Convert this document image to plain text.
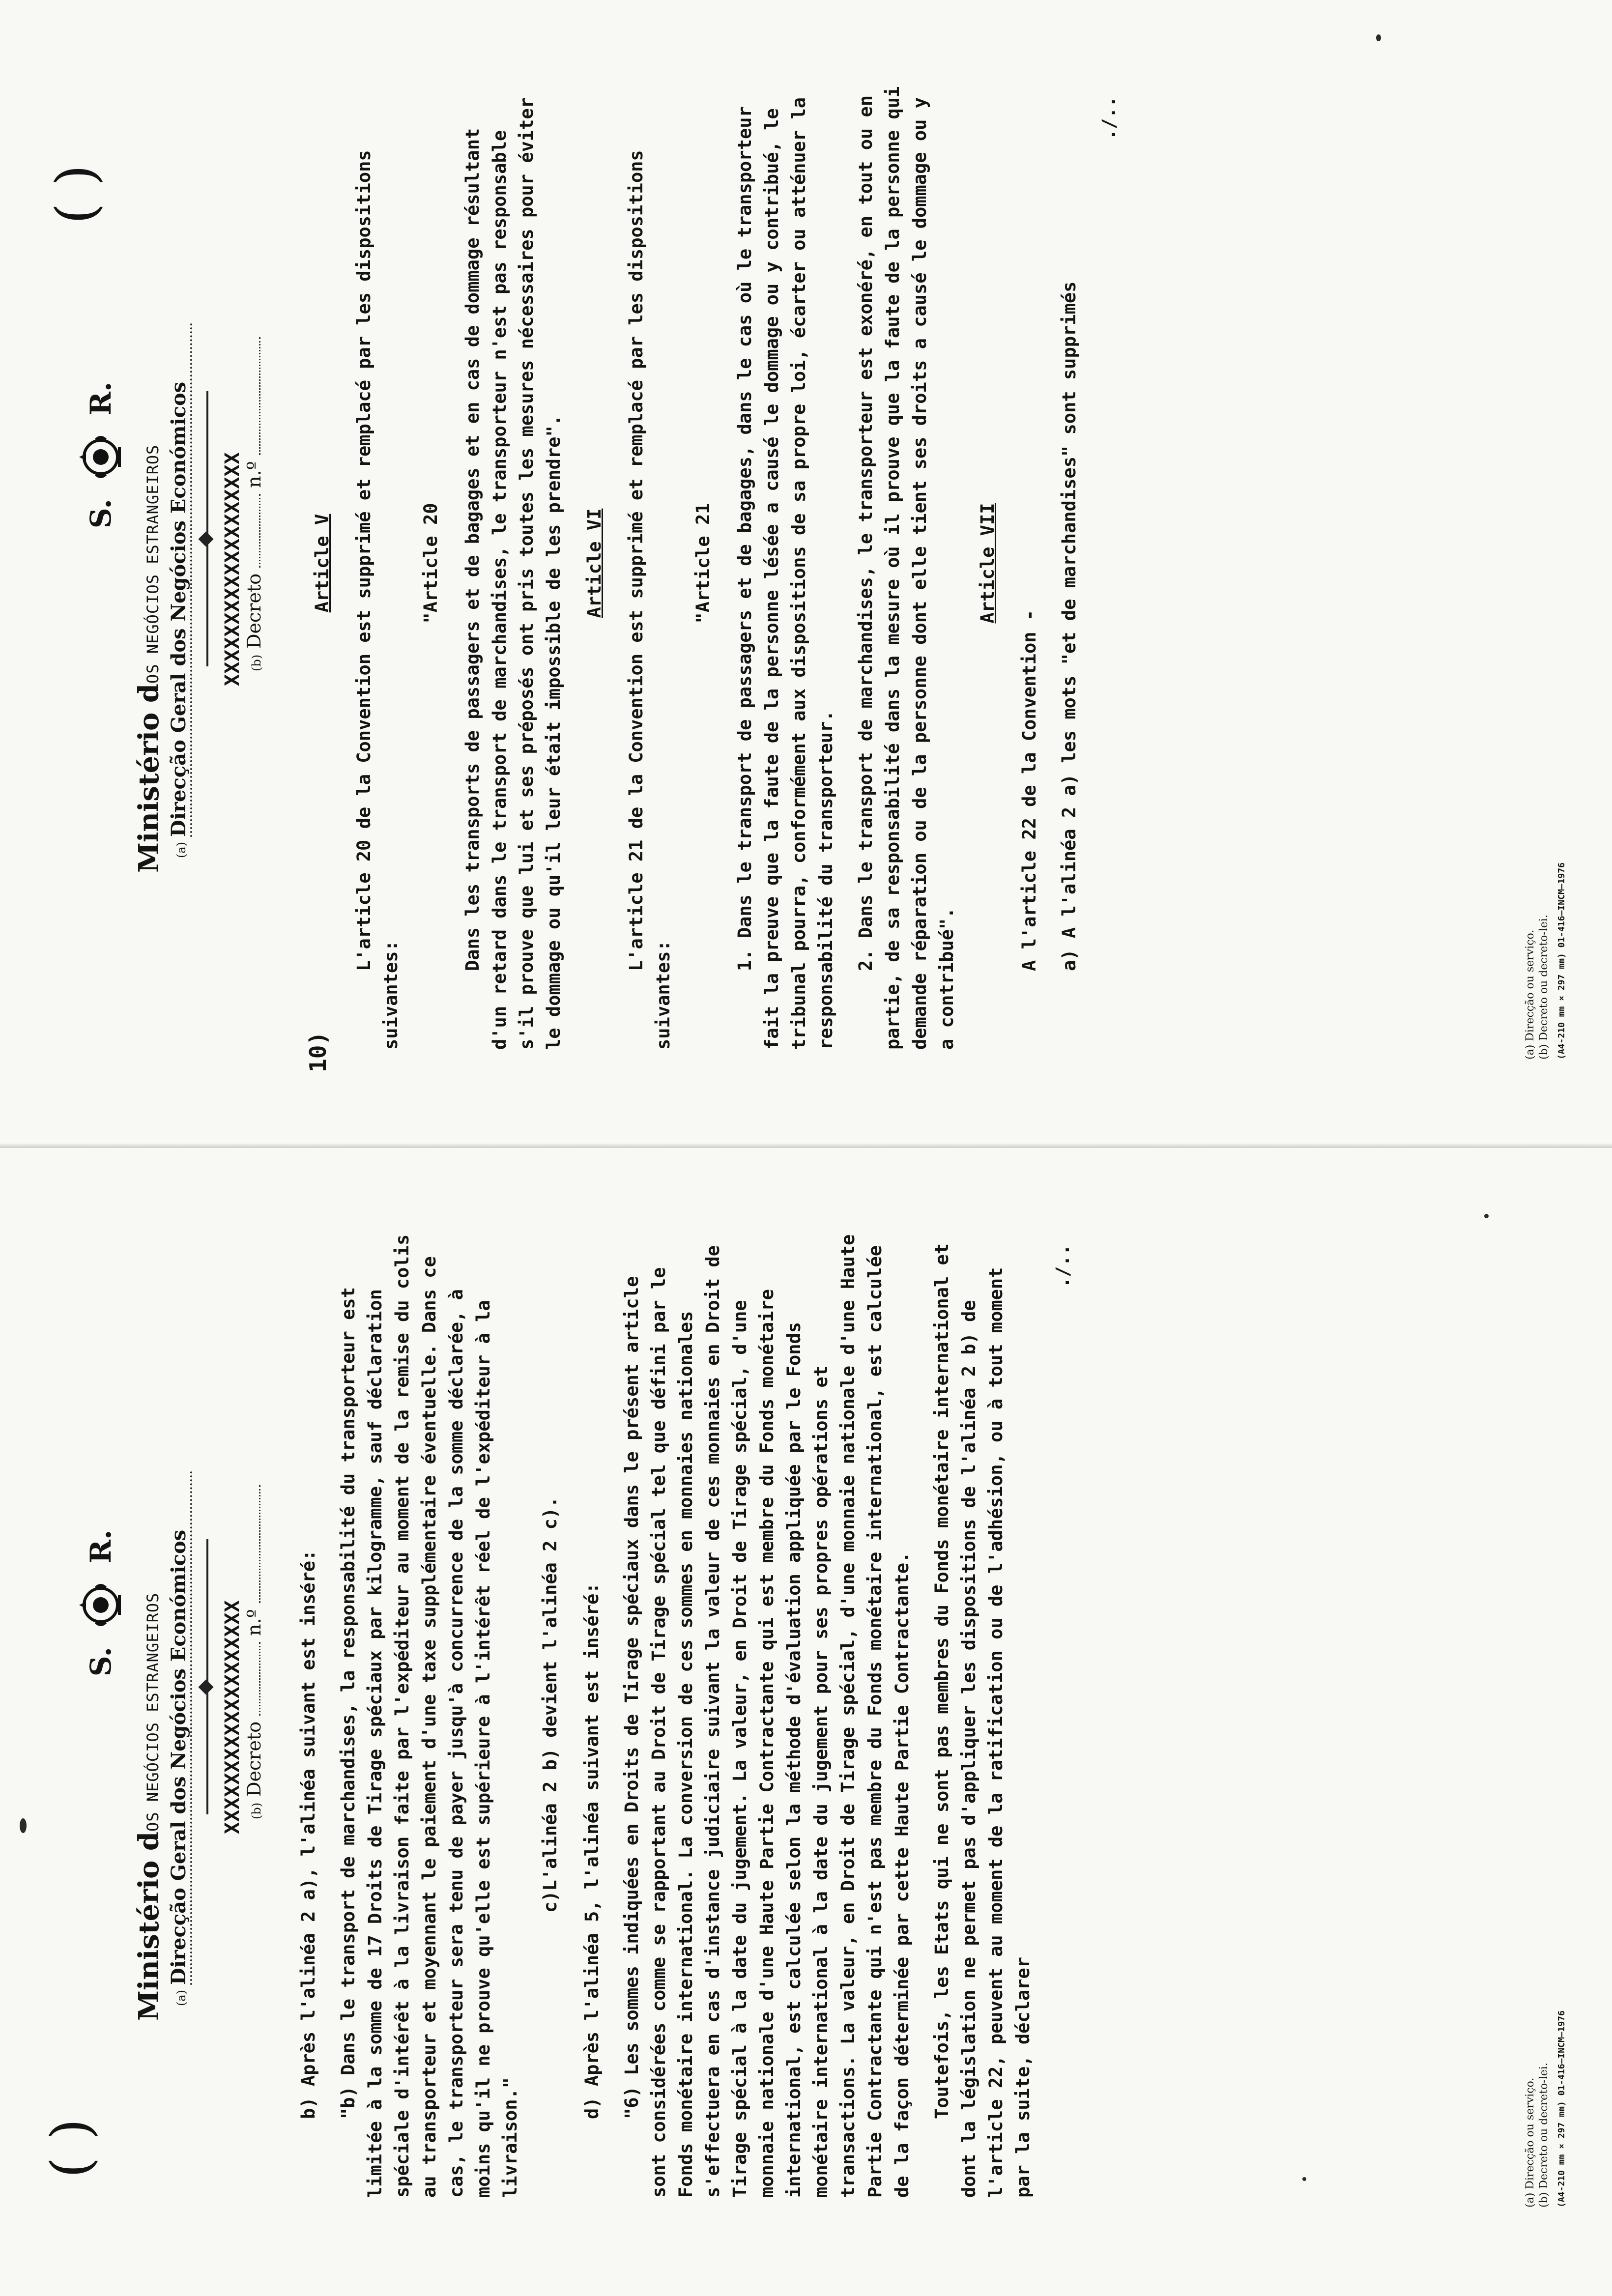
( )
S.
R.
Ministério dOS NEGÓCIOS ESTRANGEIROS
(a)
Direcção Geral dos Negócios Económicos XXXXXXXXXXXXXXXXXXX (b)
Decreto
n.º

Article V L'article 20 de la Convention est supprimé et remplacé par les dispositions suivantes:

"Article 20 Dans les transports de passagers et de bagages et en cas de dommage résultant d'un retard dans le transport de marchandises, le transporteur n'est pas responsable s'il prouve que lui et ses préposés ont pris toutes les mesures nécessaires pour éviter le dommage ou qu'il leur était impossible de les prendre". Article VI L'article 21 de la Convention est supprimé et remplacé par les dispositions suivantes:

"Article 21 1. Dans le transport de passagers et de bagages, dans le cas où le transporteur fait la preuve que la faute de la personne lésée a causé le dommage ou y contribué, le tribunal pourra, conformément aux dispositions de sa propre loi, écarter ou atténuer la responsabilité du transporteur. 2. Dans le transport de marchandises, le transporteur est exonéré, en tout ou en partie, de sa responsabilité dans la mesure où il prouve que la faute de la personne qui demande réparation ou de la personne dont elle tient ses droits a causé le dommage ou y a contribué".

Article VII

A l'article 22 de la Convention - a) A l'alinéa 2 a) les mots "et de marchandises" sont supprimés

./..

(a) Direcção ou serviço. (b) Decreto ou decreto-lei. (A4-210 mm × 297 mm) 01-416—INCM—1976
S.
R.
Ministério dOS NEGÓCIOS ESTRANGEIROS
(a)
Direcção Geral dos Negócios Económicos XXXXXXXXXXXXXXXXXXX (b)
Decreto
n.º
10)
( )

b) Après l'alinéa 2 a), l'alinéa suivant est inséré: "b) Dans le transport de marchandises, la responsabilité du transporteur est limitée à la somme de 17 Droits de Tirage spéciaux par kilogramme, sauf déclaration spéciale d'intérêt à la livraison faite par l'expéditeur au moment de la remise du colis au transporteur et moyennant le paiement d'une taxe supplémentaire éventuelle. Dans ce cas, le transporteur sera tenu de payer jusqu'à concurrence de la somme déclarée, à moins qu'il ne prouve qu'elle est supérieure à l'intérêt réel de l'expéditeur à la livraison."

c)L'alinéa 2 b) devient l'alinéa 2 c). d) Après l'alinéa 5, l'alinéa suivant est inséré: "6) Les sommes indiquées en Droits de Tirage spéciaux dans le présent article sont considérées comme se rapportant au Droit de Tirage spécial tel que défini par le Fonds monétaire international. La conversion de ces sommes en monnaies nationales s'effectuera en cas d'instance judiciaire suivant la valeur de ces monnaies en Droit de Tirage spécial à la date du jugement. La valeur, en Droit de Tirage spécial, d'une monnaie nationale d'une Haute Partie Contractante qui est membre du Fonds monétaire international, est calculée selon la méthode d'évaluation appliquée par le Fonds monétaire international à la date du jugement pour ses propres opérations et transactions. La valeur, en Droit de Tirage spécial, d'une monnaie nationale d'une Haute Partie Contractante qui n'est pas membre du Fonds monétaire international, est calculée de la façon déterminée par cette Haute Partie Contractante. Toutefois, les Etats qui ne sont pas membres du Fonds monétaire international et dont la législation ne permet pas d'appliquer les dispositions de l'alinéa 2 b) de l'article 22, peuvent au moment de la ratification ou de l'adhésion, ou à tout moment par la suite, déclarer

./..

(a) Direcção ou serviço. (b) Decreto ou decreto-lei. (A4-210 mm × 297 mm) 01-416—INCM—1976
